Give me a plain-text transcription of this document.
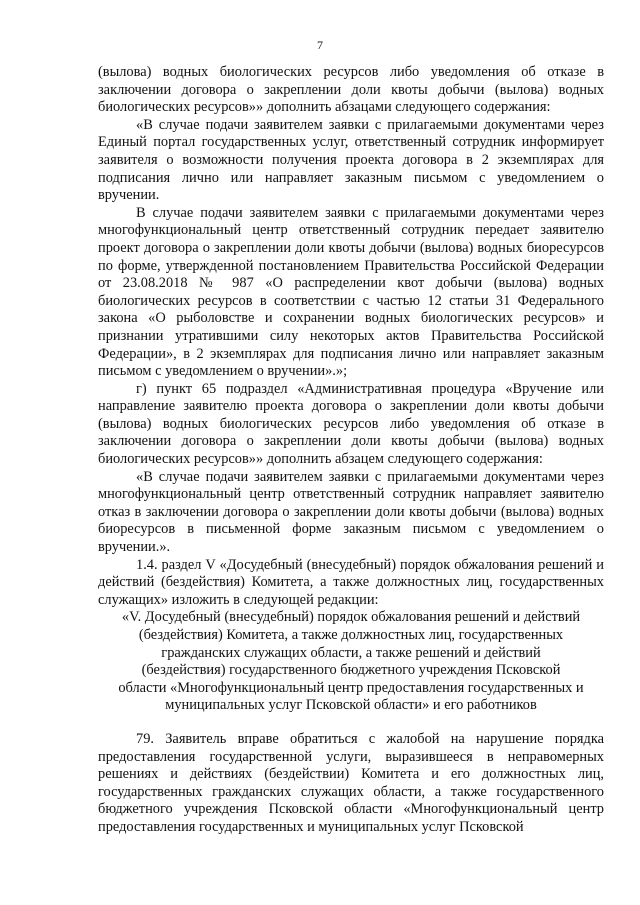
7

(вылова) водных биологических ресурсов либо уведомления об отказе в заключении договора о закреплении доли квоты добычи (вылова) водных биологических ресурсов»» дополнить абзацами следующего содержания:

«В случае подачи заявителем заявки с прилагаемыми документами через Единый портал государственных услуг, ответственный сотрудник информирует заявителя о возможности получения проекта договора в 2 экземплярах для подписания лично или направляет заказным письмом с уведомлением о вручении.

В случае подачи заявителем заявки с прилагаемыми документами через многофункциональный центр ответственный сотрудник передает заявителю проект договора о закреплении доли квоты добычи (вылова) водных биоресурсов по форме, утвержденной постановлением Правительства Российской Федерации от 23.08.2018 № 987 «О распределении квот добычи (вылова) водных биологических ресурсов в соответствии с частью 12 статьи 31 Федерального закона «О рыболовстве и сохранении водных биологических ресурсов» и признании утратившими силу некоторых актов Правительства Российской Федерации», в 2 экземплярах для подписания лично или направляет заказным письмом с уведомлением о вручении».»;

г) пункт 65 подраздел «Административная процедура «Вручение или направление заявителю проекта договора о закреплении доли квоты добычи (вылова) водных биологических ресурсов либо уведомления об отказе в заключении договора о закреплении доли квоты добычи (вылова) водных биологических ресурсов»» дополнить абзацем следующего содержания:

«В случае подачи заявителем заявки с прилагаемыми документами через многофункциональный центр ответственный сотрудник направляет заявителю отказ в заключении договора о закреплении доли квоты добычи (вылова) водных биоресурсов в письменной форме заказным письмом с уведомлением о вручении.».

1.4. раздел V «Досудебный (внесудебный) порядок обжалования решений и действий (бездействия) Комитета, а также должностных лиц, государственных служащих» изложить в следующей редакции:

«V. Досудебный (внесудебный) порядок обжалования решений и действий (бездействия) Комитета, а также должностных лиц, государственных гражданских служащих области, а также решений и действий (бездействия) государственного бюджетного учреждения Псковской области «Многофункциональный центр предоставления государственных и муниципальных услуг Псковской области» и его работников

79. Заявитель вправе обратиться с жалобой на нарушение порядка предоставления государственной услуги, выразившееся в неправомерных решениях и действиях (бездействии) Комитета и его должностных лиц, государственных гражданских служащих области, а также государственного бюджетного учреждения Псковской области «Многофункциональный центр предоставления государственных и муниципальных услуг Псковской
